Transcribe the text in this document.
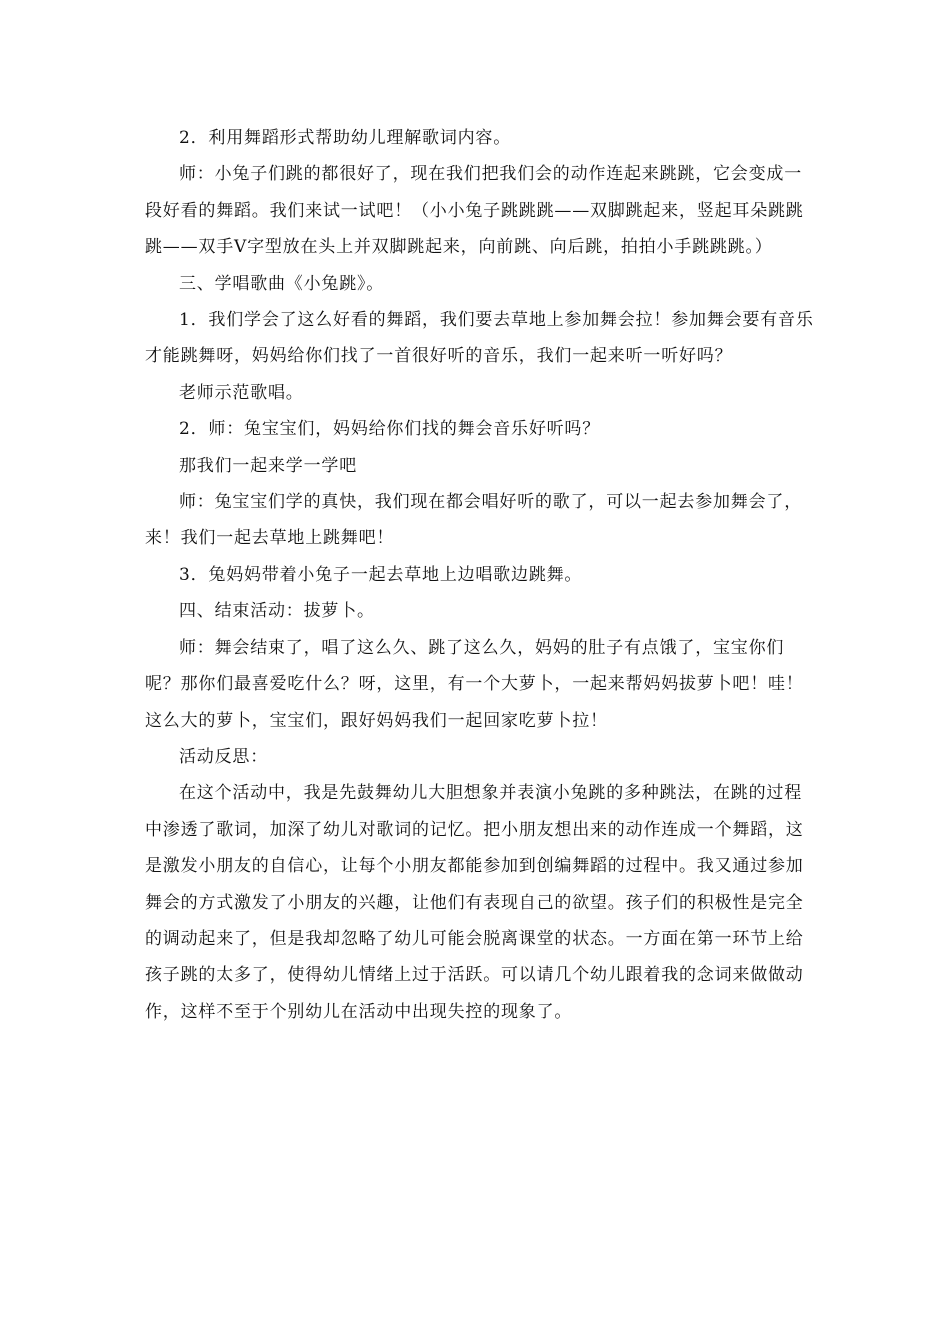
2．利用舞蹈形式帮助幼儿理解歌词内容。

师：小兔子们跳的都很好了，现在我们把我们会的动作连起来跳跳，它会变成一段好看的舞蹈。我们来试一试吧！（小小兔子跳跳跳——双脚跳起来，竖起耳朵跳跳跳——双手V字型放在头上并双脚跳起来，向前跳、向后跳，拍拍小手跳跳跳。）

三、学唱歌曲《小兔跳》。

1．我们学会了这么好看的舞蹈，我们要去草地上参加舞会拉！参加舞会要有音乐才能跳舞呀，妈妈给你们找了一首很好听的音乐，我们一起来听一听好吗？

老师示范歌唱。

2．师：兔宝宝们，妈妈给你们找的舞会音乐好听吗？

那我们一起来学一学吧

师：兔宝宝们学的真快，我们现在都会唱好听的歌了，可以一起去参加舞会了，来！我们一起去草地上跳舞吧！

3．兔妈妈带着小兔子一起去草地上边唱歌边跳舞。

四、结束活动：拔萝卜。

师：舞会结束了，唱了这么久、跳了这么久，妈妈的肚子有点饿了，宝宝你们呢？那你们最喜爱吃什么？呀，这里，有一个大萝卜，一起来帮妈妈拔萝卜吧！哇！这么大的萝卜，宝宝们，跟好妈妈我们一起回家吃萝卜拉！

活动反思：

在这个活动中，我是先鼓舞幼儿大胆想象并表演小兔跳的多种跳法，在跳的过程中渗透了歌词，加深了幼儿对歌词的记忆。把小朋友想出来的动作连成一个舞蹈，这是激发小朋友的自信心，让每个小朋友都能参加到创编舞蹈的过程中。我又通过参加舞会的方式激发了小朋友的兴趣，让他们有表现自己的欲望。孩子们的积极性是完全的调动起来了，但是我却忽略了幼儿可能会脱离课堂的状态。一方面在第一环节上给孩子跳的太多了，使得幼儿情绪上过于活跃。可以请几个幼儿跟着我的念词来做做动作，这样不至于个别幼儿在活动中出现失控的现象了。
